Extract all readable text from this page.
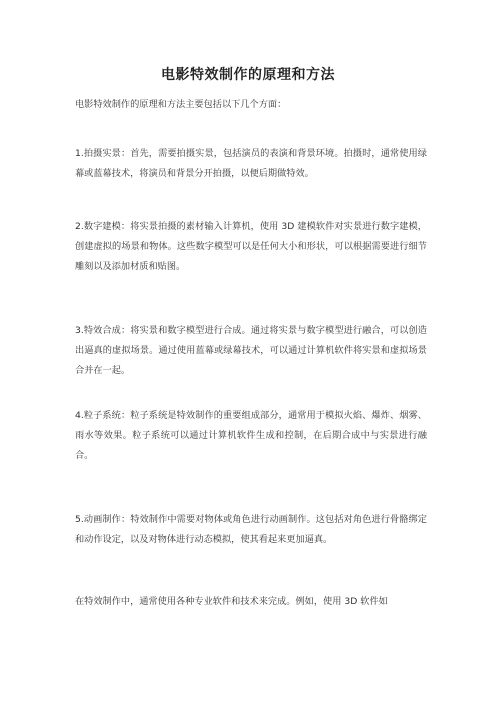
电影特效制作的原理和方法
电影特效制作的原理和方法主要包括以下几个方面：
1.拍摄实景：首先，需要拍摄实景，包括演员的表演和背景环境。拍摄时，通常使用绿幕或蓝幕技术，将演员和背景分开拍摄，以便后期做特效。
2.数字建模：将实景拍摄的素材输入计算机，使用 3D 建模软件对实景进行数字建模，创建虚拟的场景和物体。这些数字模型可以是任何大小和形状，可以根据需要进行细节雕刻以及添加材质和贴图。
3.特效合成：将实景和数字模型进行合成。通过将实景与数字模型进行融合，可以创造出逼真的虚拟场景。通过使用蓝幕或绿幕技术，可以通过计算机软件将实景和虚拟场景合并在一起。
4.粒子系统：粒子系统是特效制作的重要组成部分，通常用于模拟火焰、爆炸、烟雾、雨水等效果。粒子系统可以通过计算机软件生成和控制，在后期合成中与实景进行融合。
5.动画制作：特效制作中需要对物体或角色进行动画制作。这包括对角色进行骨骼绑定和动作设定，以及对物体进行动态模拟，使其看起来更加逼真。
在特效制作中，通常使用各种专业软件和技术来完成。例如，使用 3D 软件如
